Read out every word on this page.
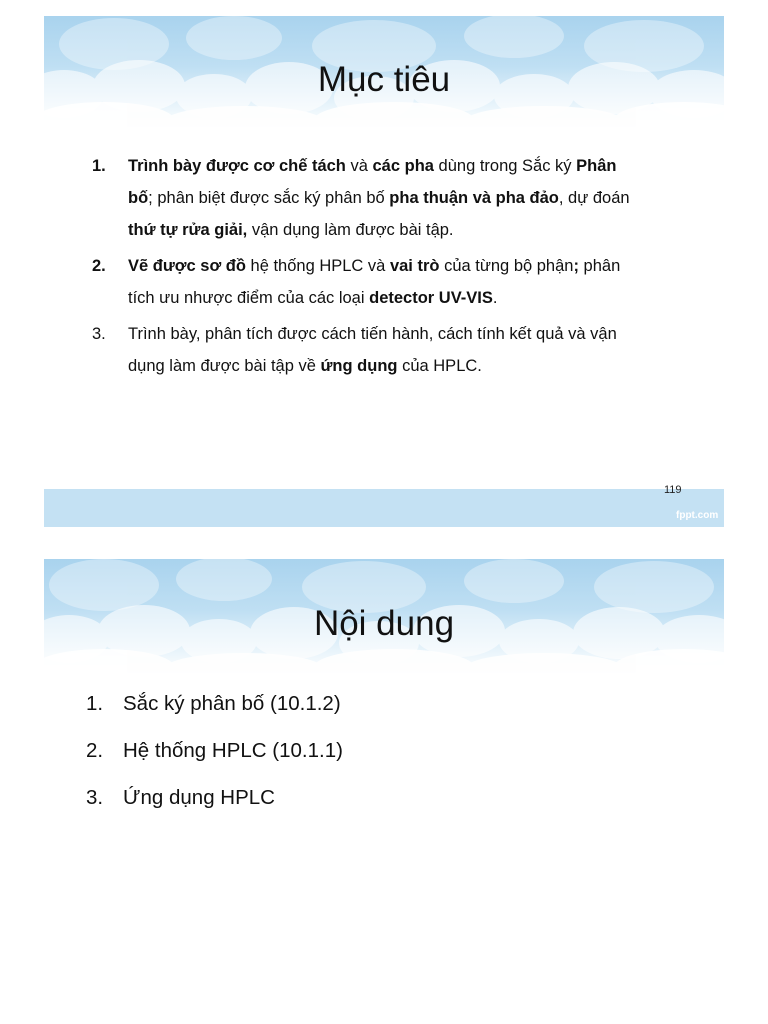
Mục tiêu
1. Trình bày được cơ chế tách và các pha dùng trong Sắc ký Phân bố; phân biệt được sắc ký phân bố pha thuận và pha đảo, dự đoán thứ tự rửa giải, vận dụng làm được bài tập.
2. Vẽ được sơ đồ hệ thống HPLC và vai trò của từng bộ phận; phân tích ưu nhược điểm của các loại detector UV-VIS.
3. Trình bày, phân tích được cách tiến hành, cách tính kết quả và vận dụng làm được bài tập về ứng dụng của HPLC.
119
fppt.com
Nội dung
1. Sắc ký phân bố (10.1.2)
2. Hệ thống HPLC (10.1.1)
3. Ứng dụng HPLC
